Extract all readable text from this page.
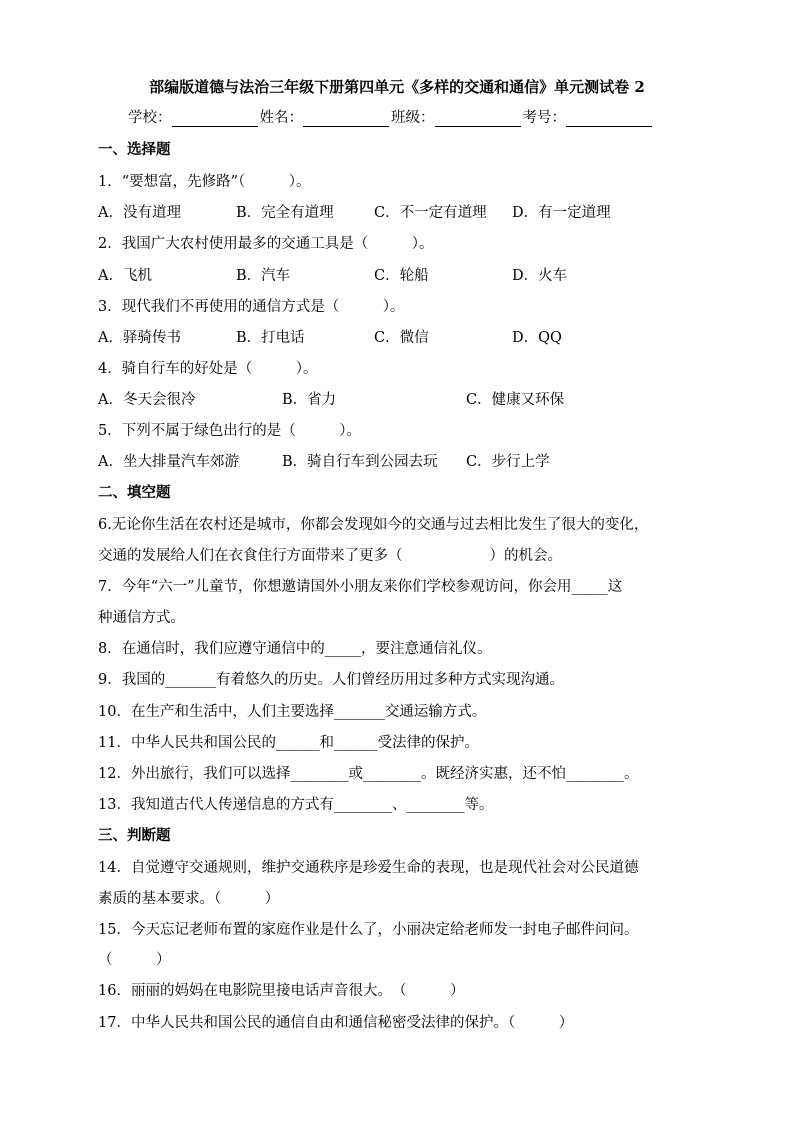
部编版道德与法治三年级下册第四单元《多样的交通和通信》单元测试卷 2
学校：	姓名：	班级：	考号：
一、选择题
1．“要想富，先修路”（　　　）。
A．没有道理	B．完全有道理	C．不一定有道理 D．有一定道理
2．我国广大农村使用最多的交通工具是（　　　）。
A．飞机	B．汽车	C．轮船	D．火车
3．现代我们不再使用的通信方式是（　　　）。
A．驿骑传书	B．打电话	C．微信	D．QQ
4．骑自行车的好处是（　　　）。
A．冬天会很冷	B．省力	C．健康又环保
5．下列不属于绿色出行的是（　　　）。
A．坐大排量汽车郊游	B．骑自行车到公园去玩 C．步行上学
二、填空题
6.无论你生活在农村还是城市，你都会发现如今的交通与过去相比发生了很大的变化，
交通的发展给人们在衣食住行方面带来了更多（　　　　　　）的机会。
7．今年“六一”儿童节，你想邀请国外小朋友来你们学校参观访问，你会用_____这
种通信方式。
8．在通信时，我们应遵守通信中的_____，要注意通信礼仪。
9．我国的_______有着悠久的历史。人们曾经历用过多种方式实现沟通。
10．在生产和生活中，人们主要选择_______交通运输方式。
11．中华人民共和国公民的______和______受法律的保护。
12．外出旅行，我们可以选择________或________。既经济实惠，还不怕________。
13．我知道古代人传递信息的方式有________、________等。
三、判断题
14．自觉遵守交通规则，维护交通秩序是珍爱生命的表现，也是现代社会对公民道德
素质的基本要求。（　　　）
15．今天忘记老师布置的家庭作业是什么了，小丽决定给老师发一封电子邮件问问。
（　　　）
16．丽丽的妈妈在电影院里接电话声音很大。　（　　　）
17．中华人民共和国公民的通信自由和通信秘密受法律的保护。（　　　）
